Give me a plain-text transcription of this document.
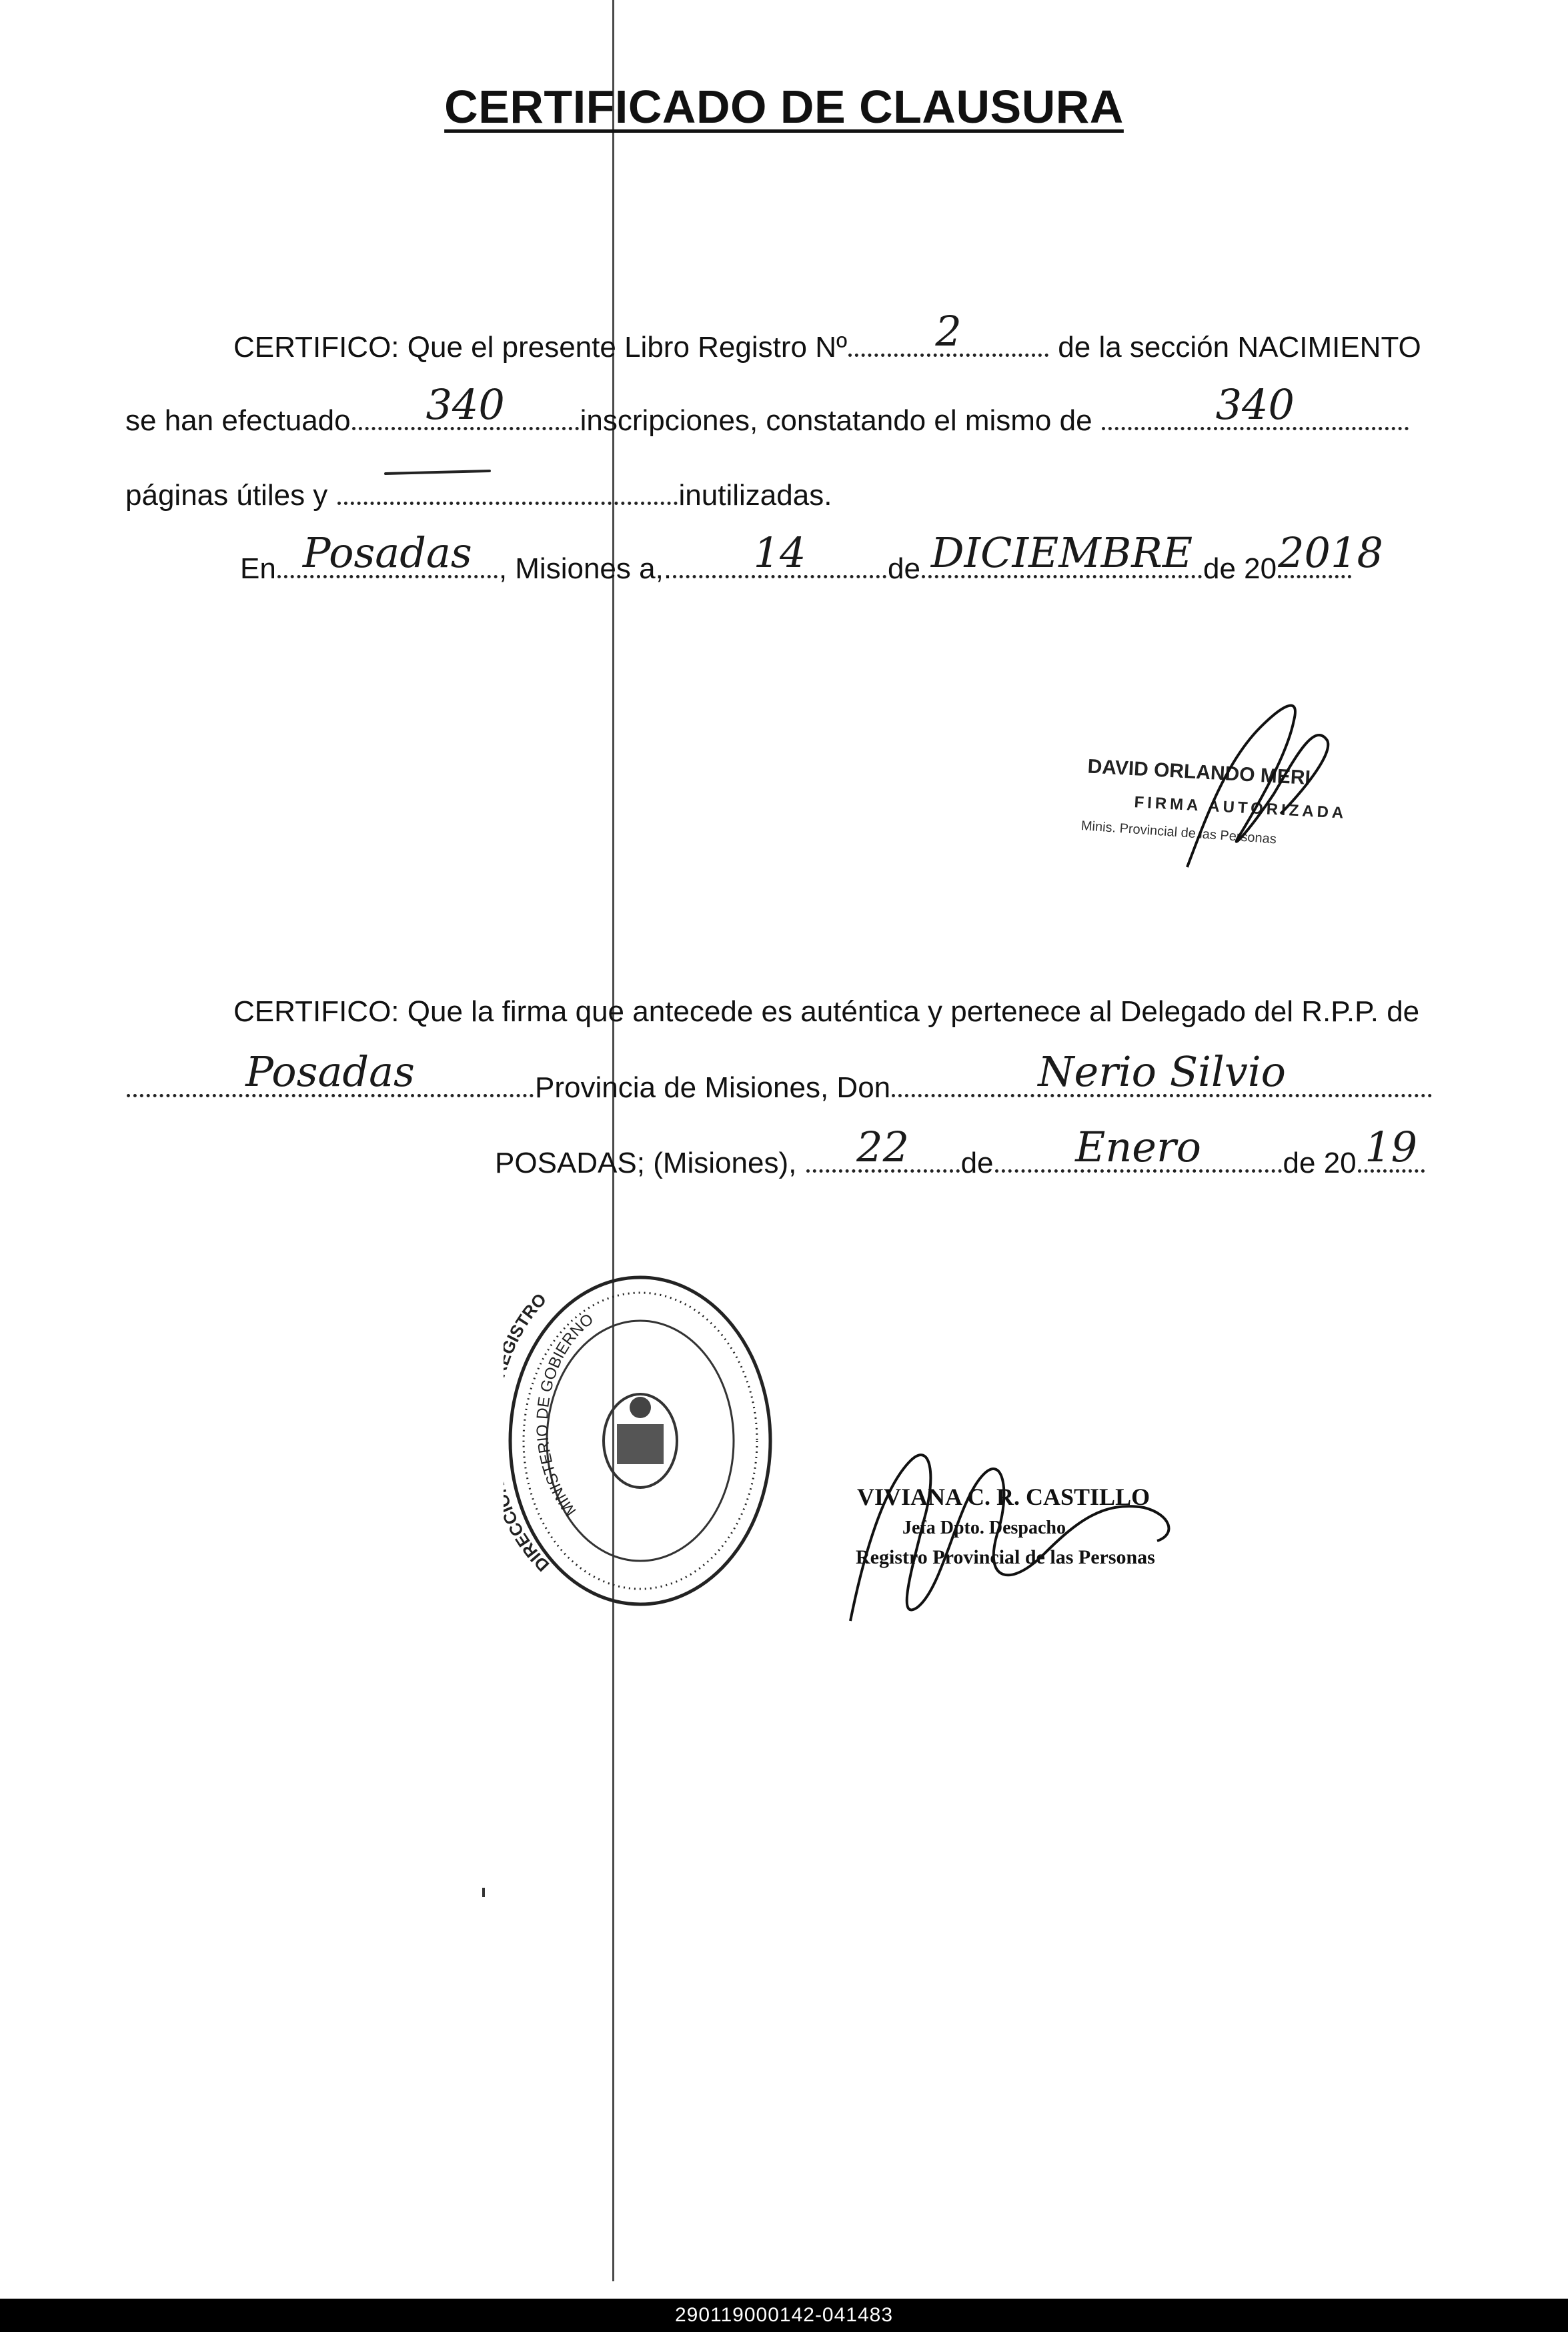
CERTIFICADO DE CLAUSURA
CERTIFICO: Que el presente Libro Registro Nº	2	de la sección NACIMIENTO
se han efectuado	340	inscripciones, constatando el mismo de	340
páginas útiles y	inutilizadas.
En Posadas , Misiones a,.	14	de DICIEMBRE de 20 2018
DAVID ORLANDO MERI
FIRMA AUTORIZADA
Minis. Provincial de las Personas
CERTIFICO: Que la firma que antecede es auténtica y pertenece al Delegado del R.P.P. de
Posadas	Provincia de Misiones, Don	Nerio Silvio
POSADAS; (Misiones),	22	de	Enero	de 20 19
DIREC ISTRO
MINISTERIO DE GOBIERNO
VIVIANA C. R. CASTILLO
Jefa Dpto. Despacho
Registro Provincial de las Personas
290119000142-041483
